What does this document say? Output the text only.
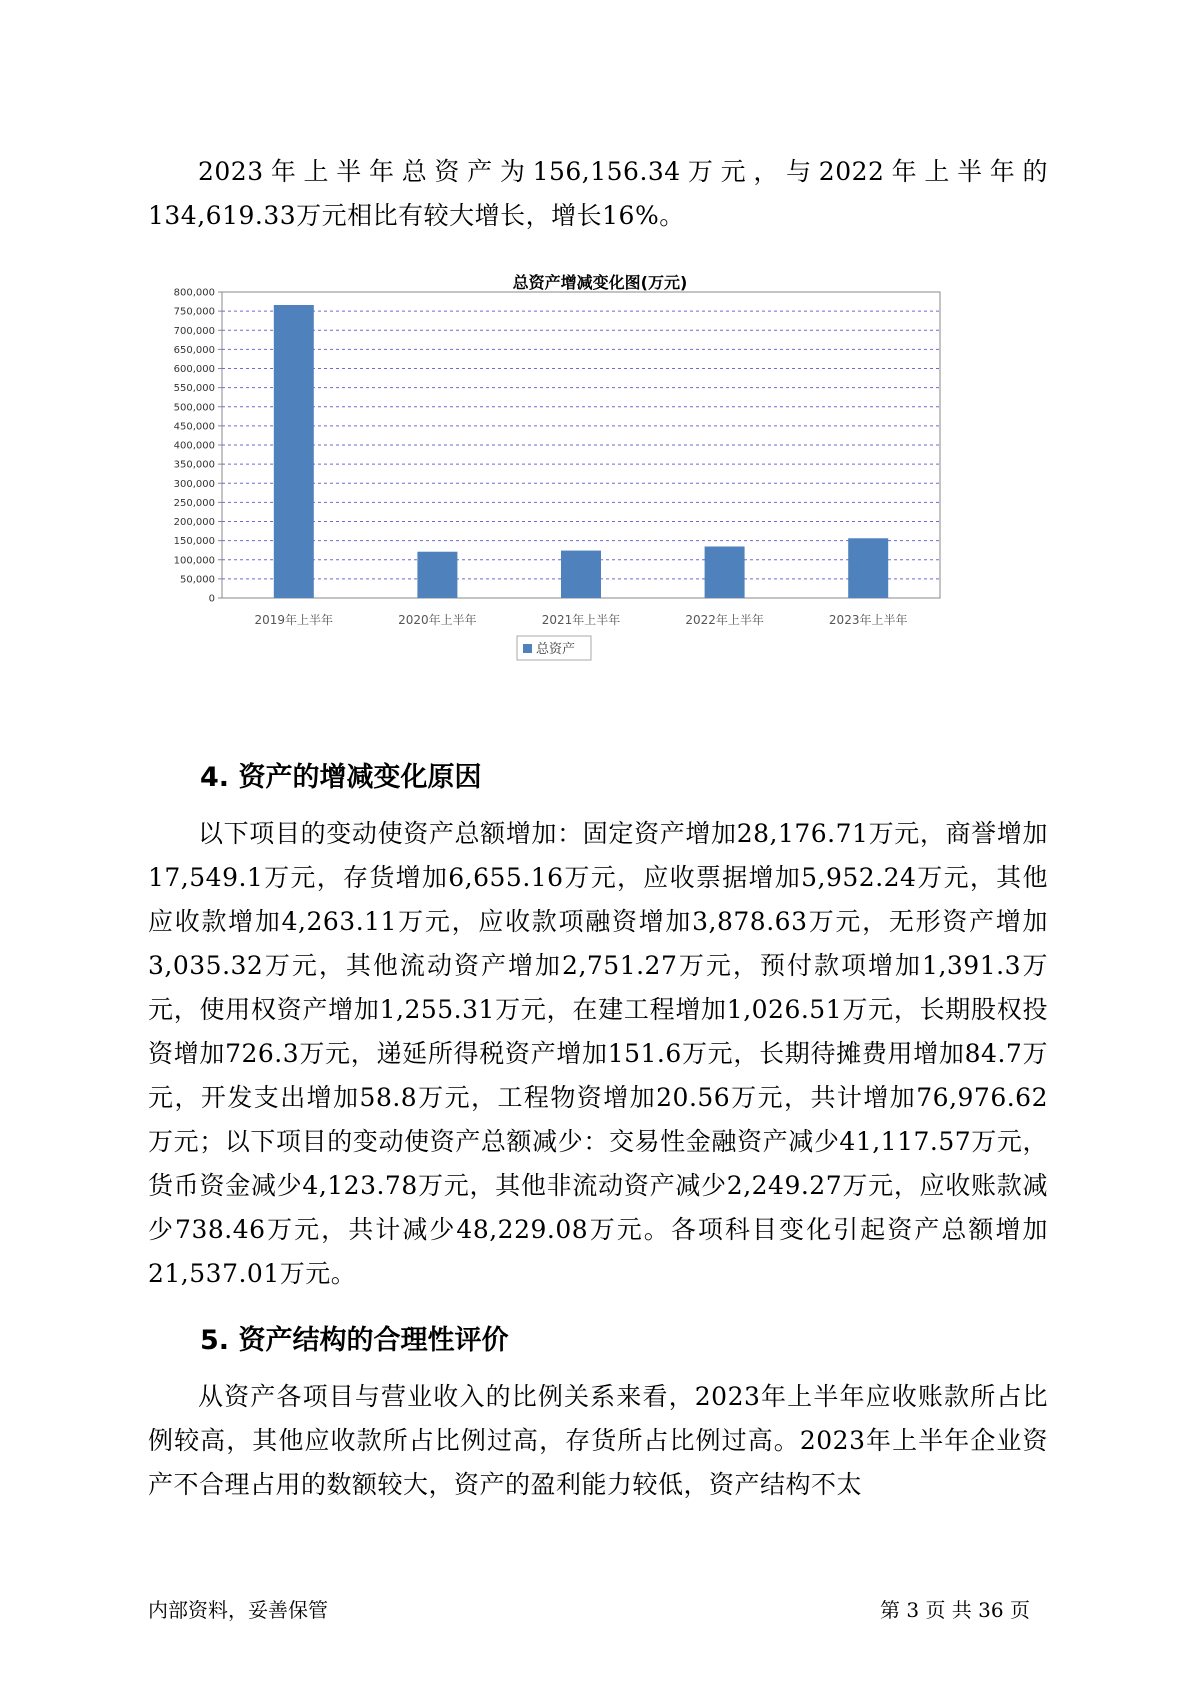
2023年上半年总资产为156,156.34万元，与2022年上半年的134,619.33万元相比有较大增长，增长16%。
总资产增减变化图(万元)
0
50,000
100,000
150,000
200,000
250,000
300,000
350,000
400,000
450,000
500,000
550,000
600,000
650,000
700,000
750,000
800,000
2019年上半年	2020年上半年	2021年上半年	2022年上半年	2023年上半年
总资产
4. 资产的增减变化原因
以下项目的变动使资产总额增加：固定资产增加28,176.71万元，商誉增加17,549.1万元，存货增加6,655.16万元，应收票据增加5,952.24万元，其他应收款增加4,263.11万元，应收款项融资增加3,878.63万元，无形资产增加3,035.32万元，其他流动资产增加2,751.27万元，预付款项增加1,391.3万元，使用权资产增加1,255.31万元，在建工程增加1,026.51万元，长期股权投资增加726.3万元，递延所得税资产增加151.6万元，长期待摊费用增加84.7万元，开发支出增加58.8万元，工程物资增加20.56万元，共计增加76,976.62万元；以下项目的变动使资产总额减少：交易性金融资产减少41,117.57万元，货币资金减少4,123.78万元，其他非流动资产减少2,249.27万元，应收账款减少738.46万元，共计减少48,229.08万元。各项科目变化引起资产总额增加21,537.01万元。
5. 资产结构的合理性评价
从资产各项目与营业收入的比例关系来看，2023年上半年应收账款所占比例较高，其他应收款所占比例过高，存货所占比例过高。2023年上半年企业资产不合理占用的数额较大，资产的盈利能力较低，资产结构不太
内部资料，妥善保管	第 3 页 共 36 页
